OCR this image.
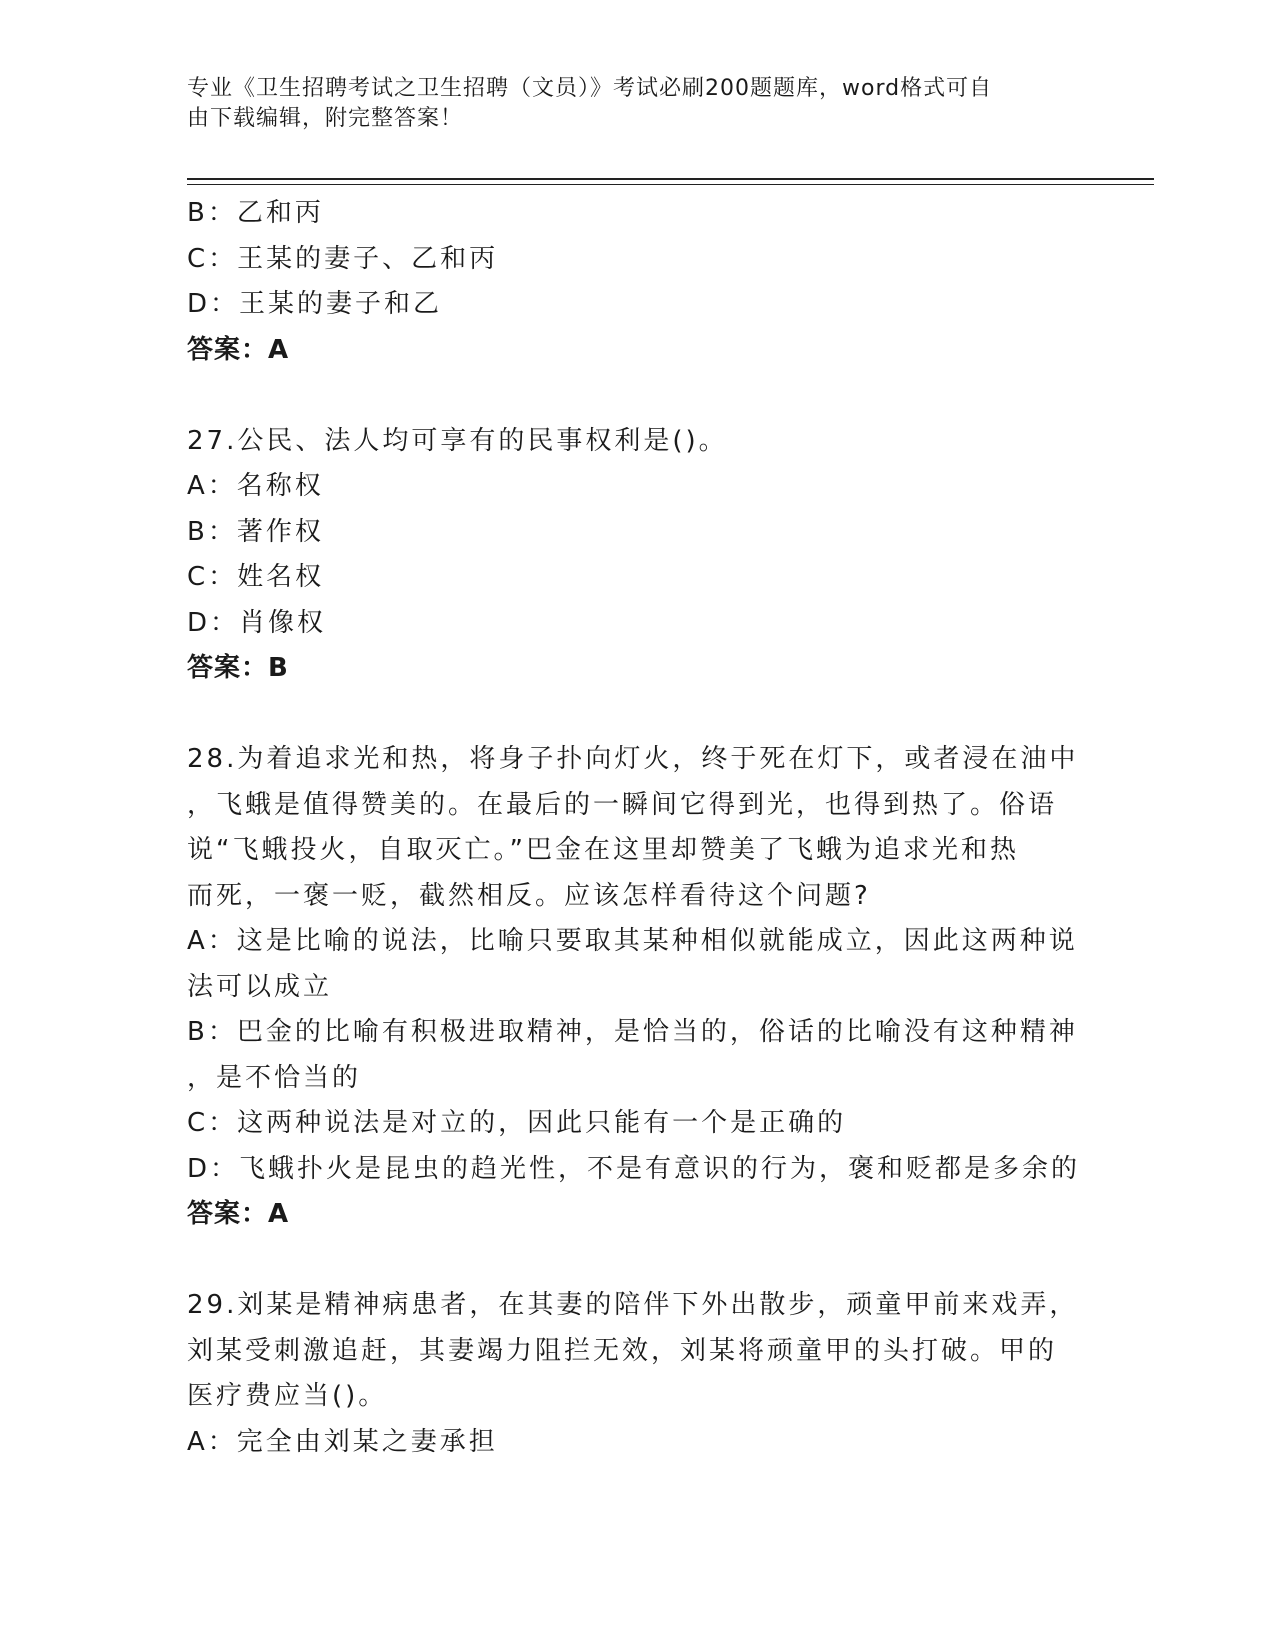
专业《卫生招聘考试之卫生招聘（文员）》考试必刷200题题库，word格式可自
由下载编辑，附完整答案！
B：乙和丙
C：王某的妻子、乙和丙
D：王某的妻子和乙
答案：A
27.公民、法人均可享有的民事权利是()。
A：名称权
B：著作权
C：姓名权
D：肖像权
答案：B
28.为着追求光和热，将身子扑向灯火，终于死在灯下，或者浸在油中
，飞蛾是值得赞美的。在最后的一瞬间它得到光，也得到热了。俗语
说“飞蛾投火，自取灭亡。”巴金在这里却赞美了飞蛾为追求光和热
而死，一褒一贬，截然相反。应该怎样看待这个问题?
A：这是比喻的说法，比喻只要取其某种相似就能成立，因此这两种说
法可以成立
B：巴金的比喻有积极进取精神，是恰当的，俗话的比喻没有这种精神
，是不恰当的
C：这两种说法是对立的，因此只能有一个是正确的
D：飞蛾扑火是昆虫的趋光性，不是有意识的行为，褒和贬都是多余的
答案：A
29.刘某是精神病患者，在其妻的陪伴下外出散步，顽童甲前来戏弄，
刘某受刺激追赶，其妻竭力阻拦无效，刘某将顽童甲的头打破。甲的
医疗费应当()。
A：完全由刘某之妻承担
